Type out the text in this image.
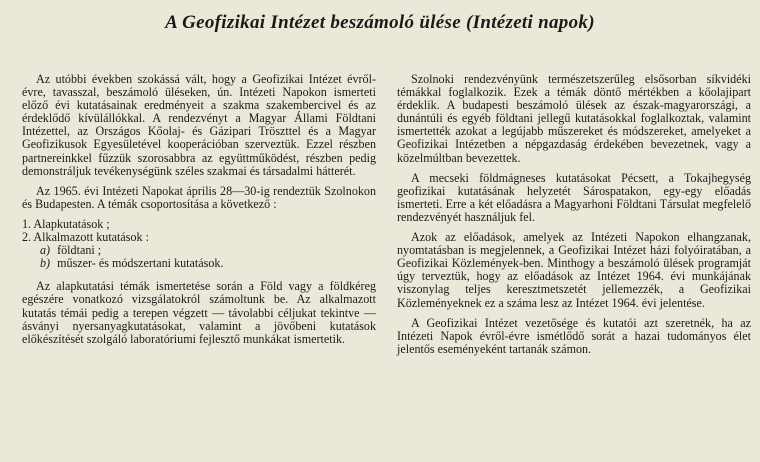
A Geofizikai Intézet beszámoló ülése (Intézeti napok)

Az utóbbi években szokássá vált, hogy a Geofizikai Intézet évről-évre, tavasszal, beszámoló üléseken, ún. Intézeti Napokon ismerteti előző évi kutatásainak eredményeit a szakma szakembercivel és az érdeklődő kívülállókkal. A rendezvényt a Magyar Állami Földtani Intézettel, az Országos Kőolaj- és Gázipari Tröszttel és a Magyar Geofizikusok Egyesületével kooperációban szerveztük. Ezzel részben partnereinkkel fűzzük szorosabbra az együttműködést, részben pedig demonstráljuk tevékenységünk széles szakmai és társadalmi hátterét.

Az 1965. évi Intézeti Napokat április 28—30-ig rendeztük Szolnokon és Budapesten. A témák csoportosítása a következő :

1. Alapkutatások ;
2. Alkalmazott kutatások :
a) földtani ;
b) műszer- és módszertani kutatások.

Az alapkutatási témák ismertetése során a Föld vagy a földkéreg egészére vonatkozó vizsgálatokról számoltunk be. Az alkalmazott kutatás témái pedig a terepen végzett — távolabbi céljukat tekintve — ásványi nyersanyagkutatásokat, valamint a jövőbeni kutatások előkészítését szolgáló laboratóriumi fejlesztő munkákat ismertetik.

Szolnoki rendezvényünk természetszerűleg elsősorban síkvidéki témákkal foglalkozik. Ezek a témák döntő mértékben a kőolajipart érdeklik. A budapesti beszámoló ülések az észak-magyarországi, a dunántúli és egyéb földtani jellegű kutatásokkal foglalkoztak, valamint ismertették azokat a legújabb műszereket és módszereket, amelyeket a Geofizikai Intézetben a népgazdaság érdekében bevezetnek, vagy a közelmúltban bevezettek.

A mecseki földmágneses kutatásokat Pécsett, a Tokajhegység geofizikai kutatásának helyzetét Sárospatakon, egy-egy előadás ismerteti. Erre a két előadásra a Magyarhoni Földtani Társulat megfelelő rendezvényét használjuk fel.

Azok az előadások, amelyek az Intézeti Napokon elhangzanak, nyomtatásban is megjelennek, a Geofizikai Intézet házi folyóiratában, a Geofizikai Közlemények-ben. Minthogy a beszámoló ülések programját úgy terveztük, hogy az előadások az Intézet 1964. évi munkájának viszonylag teljes keresztmetszetét jellemezzék, a Geofizikai Közleményeknek ez a száma lesz az Intézet 1964. évi jelentése.

A Geofizikai Intézet vezetősége és kutatói azt szeretnék, ha az Intézeti Napok évről-évre ismétlődő sorát a hazai tudományos élet jelentős eseményeként tartanák számon.
